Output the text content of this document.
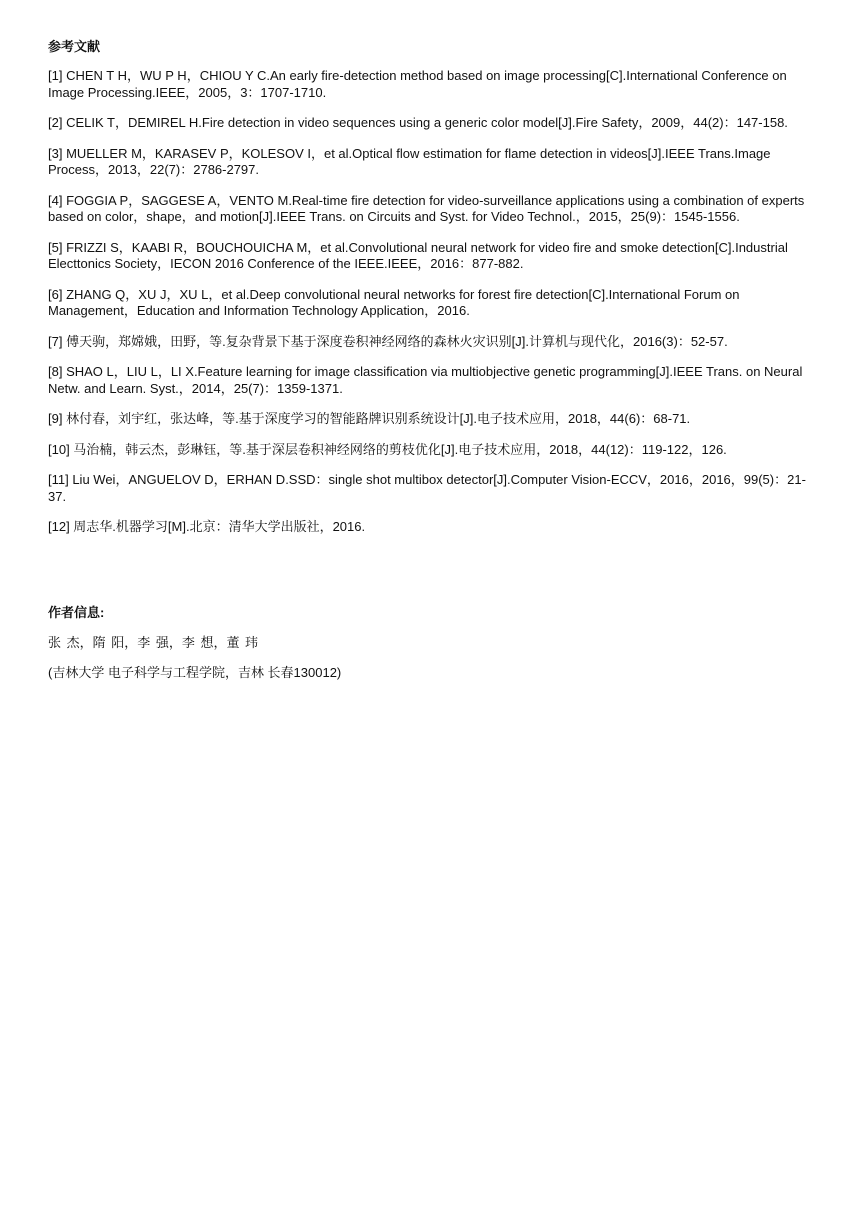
参考文献
[1] CHEN T H，WU P H，CHIOU Y C.An early fire-detection method based on image processing[C].International Conference on Image Processing.IEEE，2005，3：1707-1710.
[2] CELIK T，DEMIREL H.Fire detection in video sequences using a generic color model[J].Fire Safety，2009，44(2)：147-158.
[3] MUELLER M，KARASEV P，KOLESOV I，et al.Optical flow estimation for flame detection in videos[J].IEEE Trans.Image Process，2013，22(7)：2786-2797.
[4] FOGGIA P，SAGGESE A，VENTO M.Real-time fire detection for video-surveillance applications using a combination of experts based on color，shape，and motion[J].IEEE Trans. on Circuits and Syst. for Video Technol.，2015，25(9)：1545-1556.
[5] FRIZZI S，KAABI R，BOUCHOUICHA M，et al.Convolutional neural network for video fire and smoke detection[C].Industrial Electtonics Society，IECON 2016 Conference of the IEEE.IEEE，2016：877-882.
[6] ZHANG Q，XU J，XU L，et al.Deep convolutional neural networks for forest fire detection[C].International Forum on Management，Education and Information Technology Application，2016.
[7] 傅天驹，郑嫦娥，田野，等.复杂背景下基于深度卷积神经网络的森林火灾识别[J].计算机与现代化，2016(3)：52-57.
[8] SHAO L，LIU L，LI X.Feature learning for image classification via multiobjective genetic programming[J].IEEE Trans. on Neural Netw. and Learn. Syst.，2014，25(7)：1359-1371.
[9] 林付春，刘宇红，张达峰，等.基于深度学习的智能路牌识别系统设计[J].电子技术应用，2018，44(6)：68-71.
[10] 马治楠，韩云杰，彭琳钰，等.基于深层卷积神经网络的剪枝优化[J].电子技术应用，2018，44(12)：119-122，126.
[11] Liu Wei，ANGUELOV D，ERHAN D.SSD：single shot multibox detector[J].Computer Vision-ECCV，2016，2016，99(5)：21-37.
[12] 周志华.机器学习[M].北京：清华大学出版社，2016.
作者信息:
张 杰，隋 阳，李 强，李 想，董 玮
(吉林大学 电子科学与工程学院，吉林 长春130012)
